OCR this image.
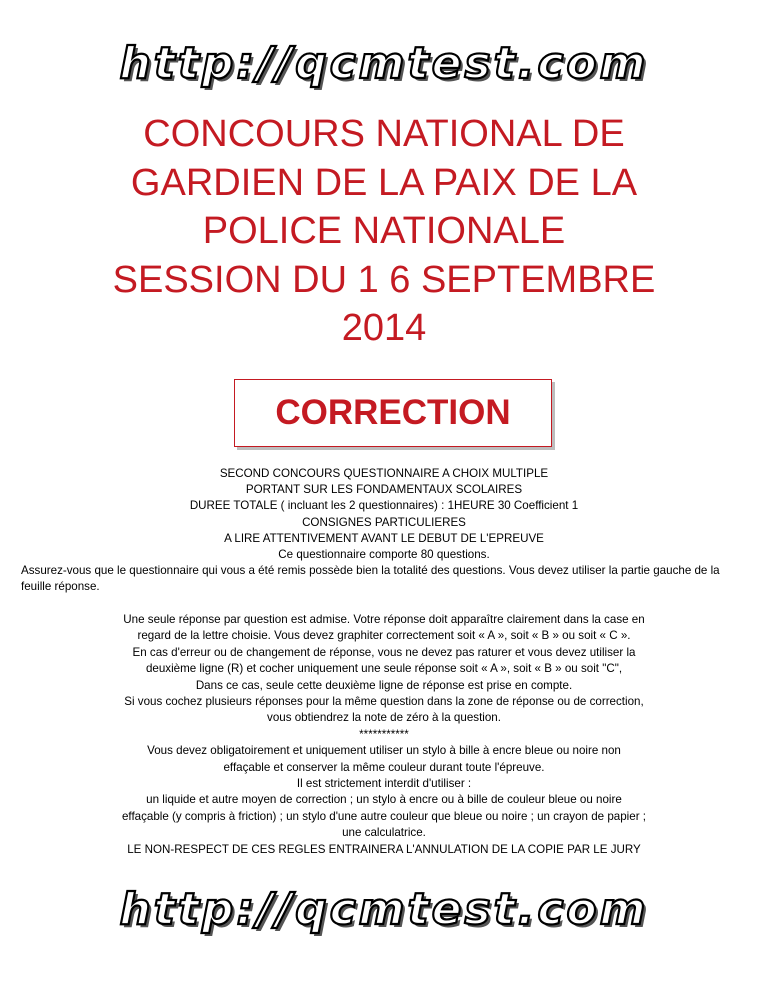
http://qcmtest.com
CONCOURS NATIONAL DE
GARDIEN DE LA PAIX DE LA
POLICE NATIONALE
SESSION DU 1 6 SEPTEMBRE
2014
CORRECTION
SECOND CONCOURS QUESTIONNAIRE A CHOIX MULTIPLE
PORTANT SUR LES FONDAMENTAUX SCOLAIRES
DUREE TOTALE ( incluant les 2 questionnaires) : 1HEURE 30 Coefficient 1
CONSIGNES PARTICULIERES
A LIRE ATTENTIVEMENT AVANT LE DEBUT DE L'EPREUVE
Ce questionnaire comporte 80 questions.
Assurez-vous que le questionnaire qui vous a été remis possède bien la totalité des questions. Vous devez utiliser la partie gauche de la feuille réponse.
Une seule réponse par question est admise. Votre réponse doit apparaître clairement dans la case en
regard de la lettre choisie. Vous devez graphiter correctement soit « A », soit « B » ou soit « C ».
En cas d'erreur ou de changement de réponse, vous ne devez pas raturer et vous devez utiliser la
deuxième ligne (R) et cocher uniquement une seule réponse soit « A », soit « B » ou soit "C",
Dans ce cas, seule cette deuxième ligne de réponse est prise en compte.
Si vous cochez plusieurs réponses pour la même question dans la zone de réponse ou de correction,
vous obtiendrez la note de zéro à la question.
***********
Vous devez obligatoirement et uniquement utiliser un stylo à bille à encre bleue ou noire non
effaçable et conserver la même couleur durant toute l'épreuve.
Il est strictement interdit d'utiliser :
un liquide et autre moyen de correction ; un stylo à encre ou à bille de couleur bleue ou noire
effaçable (y compris à friction) ; un stylo d'une autre couleur que bleue ou noire ; un crayon de papier ;
une calculatrice.
LE NON-RESPECT DE CES REGLES ENTRAINERA L'ANNULATION DE LA COPIE PAR LE JURY
http://qcmtest.com
